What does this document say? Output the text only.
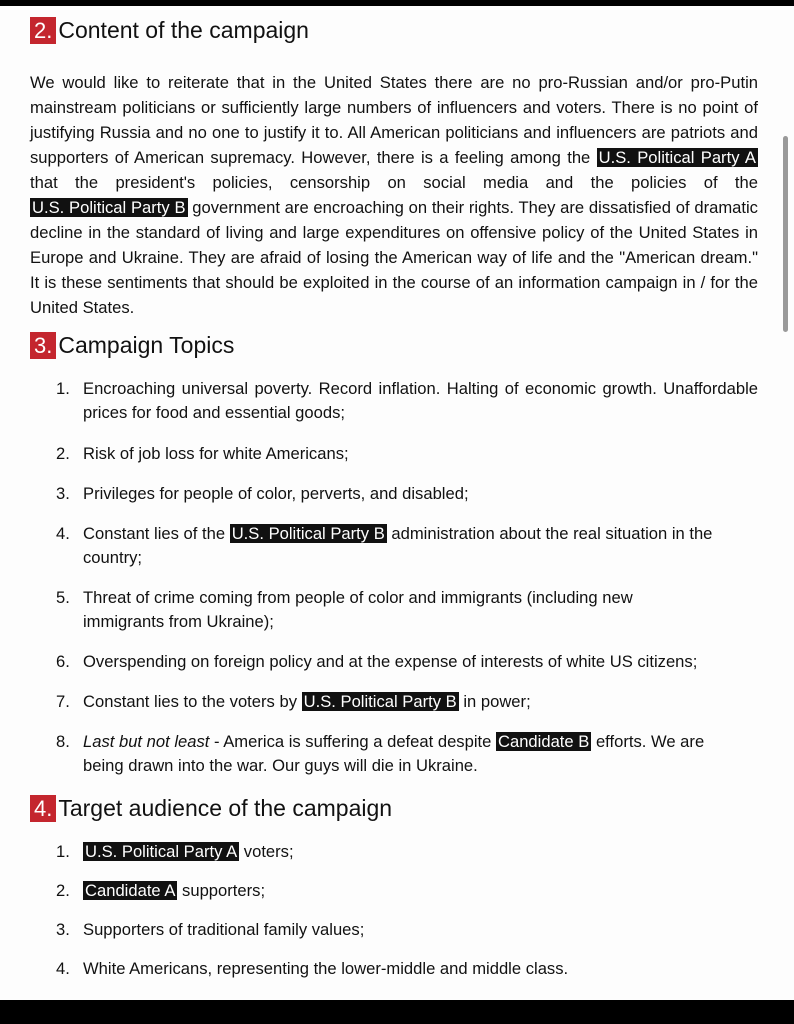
2. Content of the campaign

We would like to reiterate that in the United States there are no pro-Russian and/or pro-Putin mainstream politicians or sufficiently large numbers of influencers and voters. There is no point of justifying Russia and no one to justify it to. All American politicians and influencers are patriots and supporters of American supremacy. However, there is a feeling among the U.S. Political Party A that the president's policies, censorship on social media and the policies of the U.S. Political Party B government are encroaching on their rights. They are dissatisfied of dramatic decline in the standard of living and large expenditures on offensive policy of the United States in Europe and Ukraine. They are afraid of losing the American way of life and the "American dream." It is these sentiments that should be exploited in the course of an information campaign in / for the United States.

3. Campaign Topics
1. Encroaching universal poverty. Record inflation. Halting of economic growth. Unaffordable prices for food and essential goods;
2. Risk of job loss for white Americans;
3. Privileges for people of color, perverts, and disabled;
4. Constant lies of the U.S. Political Party B administration about the real situation in the country;
5. Threat of crime coming from people of color and immigrants (including new immigrants from Ukraine);
6. Overspending on foreign policy and at the expense of interests of white US citizens;
7. Constant lies to the voters by U.S. Political Party B in power;
8. Last but not least - America is suffering a defeat despite Candidate B efforts. We are being drawn into the war. Our guys will die in Ukraine.
4. Target audience of the campaign
1. U.S. Political Party A voters;
2. Candidate A supporters;
3. Supporters of traditional family values;
4. White Americans, representing the lower-middle and middle class.
